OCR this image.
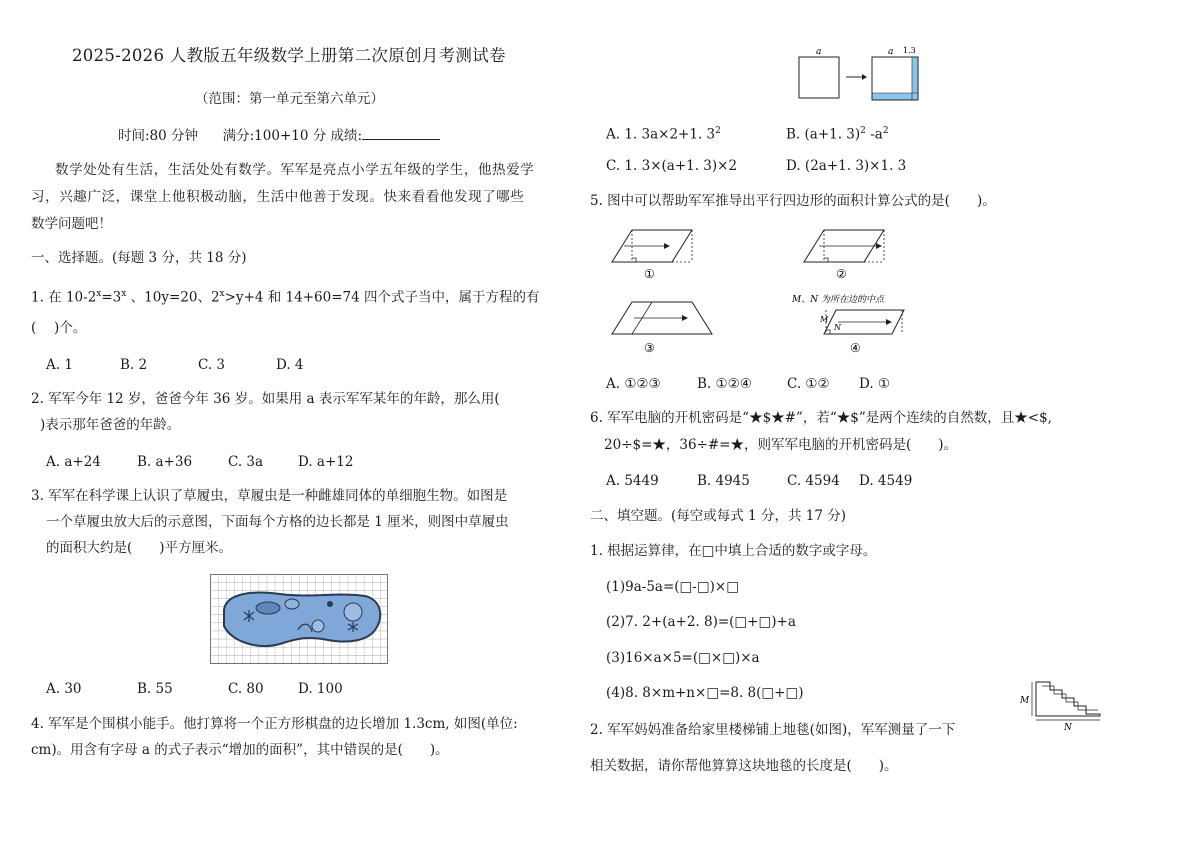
2025-2026 人教版五年级数学上册第二次原创月考测试卷
（范围：第一单元至第六单元）
时间:80 分钟 满分:100+10 分 成绩:
数学处处有生活，生活处处有数学。军军是亮点小学五年级的学生，他热爱学
习，兴趣广泛，课堂上他积极动脑，生活中他善于发现。快来看看他发现了哪些
数学问题吧！
一、选择题。(每题 3 分，共 18 分)
1. 在 $10-2^x=3^x$ 、10y=20、$2^x>y+4$ 和 14+60=74 四个式子当中，属于方程的有
(　 )个。
A. 1	B. 2	C. 3	D. 4
2. 军军今年 12 岁，爸爸今年 36 岁。如果用 a 表示军军某年的年龄，那么用(
)表示那年爸爸的年龄。
A. a+24	B. a+36	C. 3a	D. a+12
3. 军军在科学课上认识了草履虫，草履虫是一种雌雄同体的单细胞生物。如图是
一个草履虫放大后的示意图，下面每个方格的边长都是 1 厘米，则图中草履虫
的面积大约是(　　)平方厘米。
A. 30	B. 55	C. 80	D. 100
4. 军军是个围棋小能手。他打算将一个正方形棋盘的边长增加 1.3cm, 如图(单位:
cm)。用含有字母 a 的式子表示“增加的面积”，其中错误的是(　　)。
a	a 1.3
A. 1. 3a×2+1. $3^2$	B. (a+1. 3)$^2$ $-a^2$
C. 1. 3×(a+1. 3)×2	D. (2a+1. 3)×1. 3
5. 图中可以帮助军军推导出平行四边形的面积计算公式的是(　　)。
①	②
③
M、N 为所在边的中点
M
N
④
A. ①②③	B. ①②④	C. ①② D. ①
6. 军军电脑的开机密码是“★$★#”，若“★$”是两个连续的自然数，且★<$,
20÷$=★，36÷#=★，则军军电脑的开机密码是(　　)。
A. 5449	B. 4945	C. 4594 D. 4549
二、填空题。(每空或每式 1 分，共 17 分)
1. 根据运算律，在□中填上合适的数字或字母。
(1)9a-5a=(□-□)×□
(2)7. 2+(a+2. 8)=(□+□)+a
(3)16×a×5=(□×□)×a
(4)8. 8×m+n×□=8. 8(□+□)	M
N
2. 军军妈妈准备给家里楼梯铺上地毯(如图)，军军测量了一下
相关数据，请你帮他算算这块地毯的长度是(　　)。
